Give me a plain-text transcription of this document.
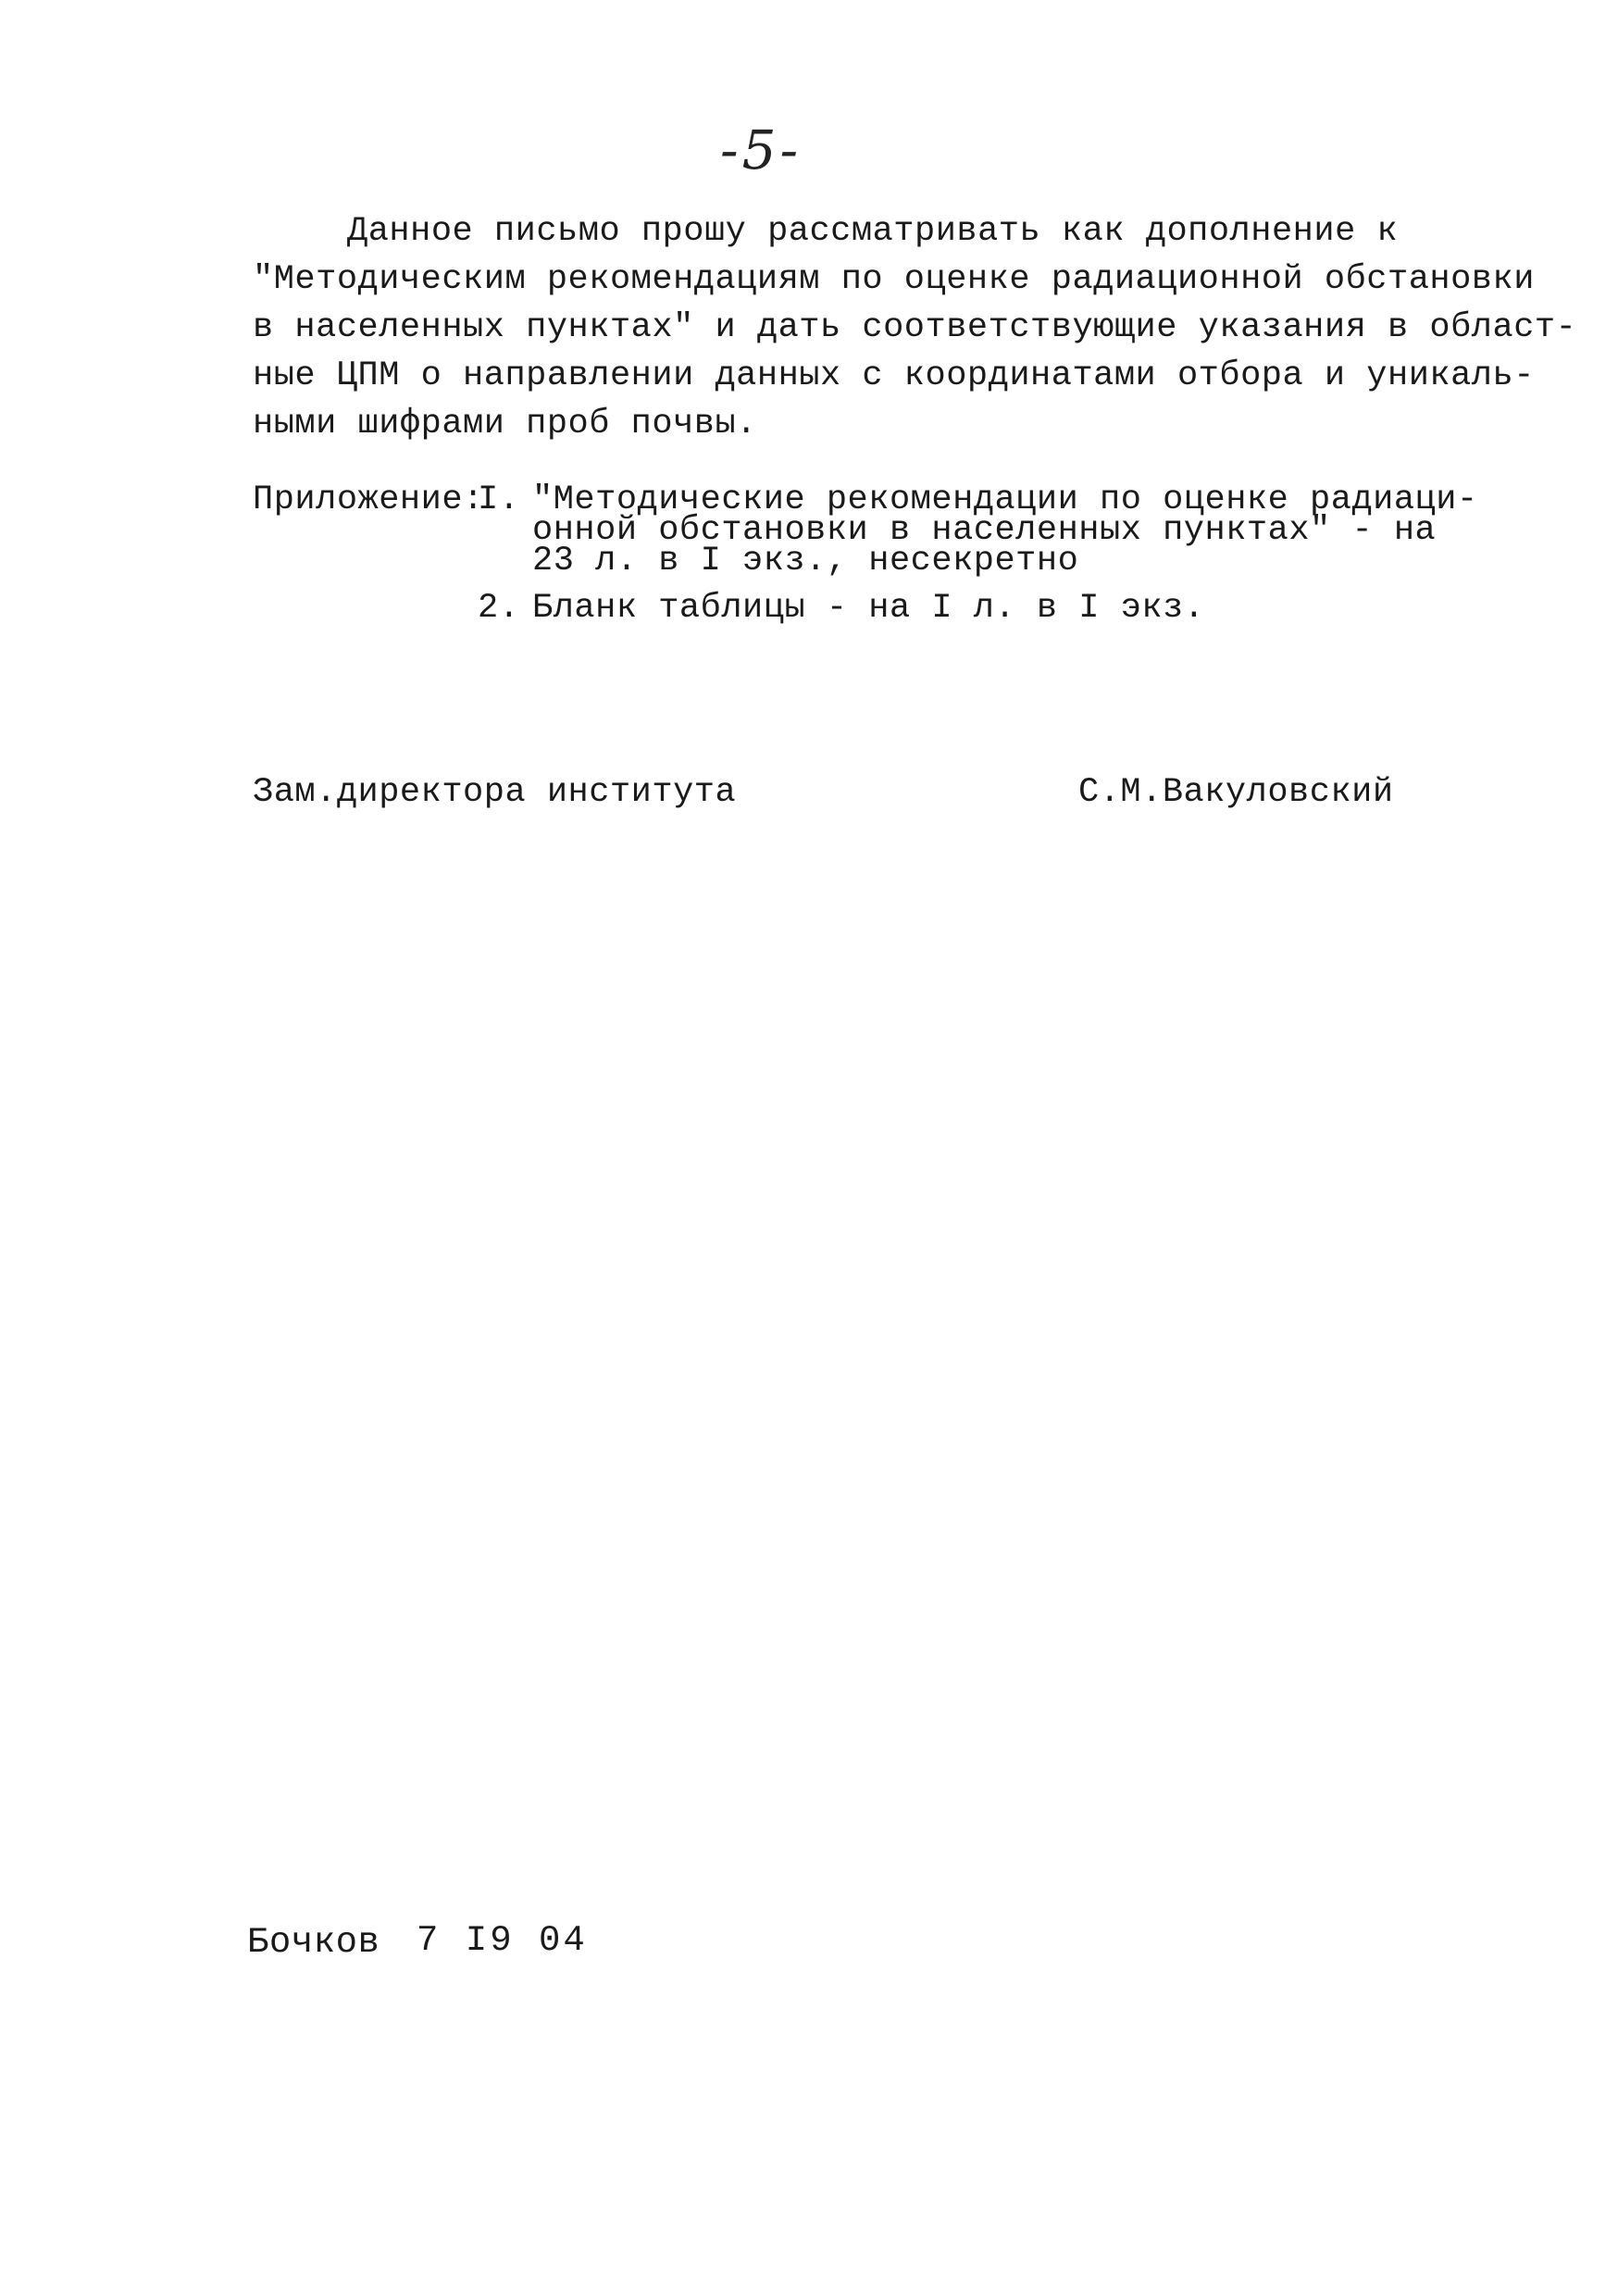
-5-
Данное письмо прошу рассматривать как дополнение к
"Методическим рекомендациям по оценке радиационной обстановки
в населенных пунктах" и дать соответствующие указания в област-
ные ЦПМ о направлении данных с координатами отбора и уникаль-
ными шифрами проб почвы.
Приложение:
I. "Методические рекомендации по оценке радиаци-
онной обстановки в населенных пунктах" - на
23 л. в I экз., несекретно
2. Бланк таблицы - на I л. в I экз.
Зам.директора института	С.М.Вакуловский
Бочков 7 I9 04
